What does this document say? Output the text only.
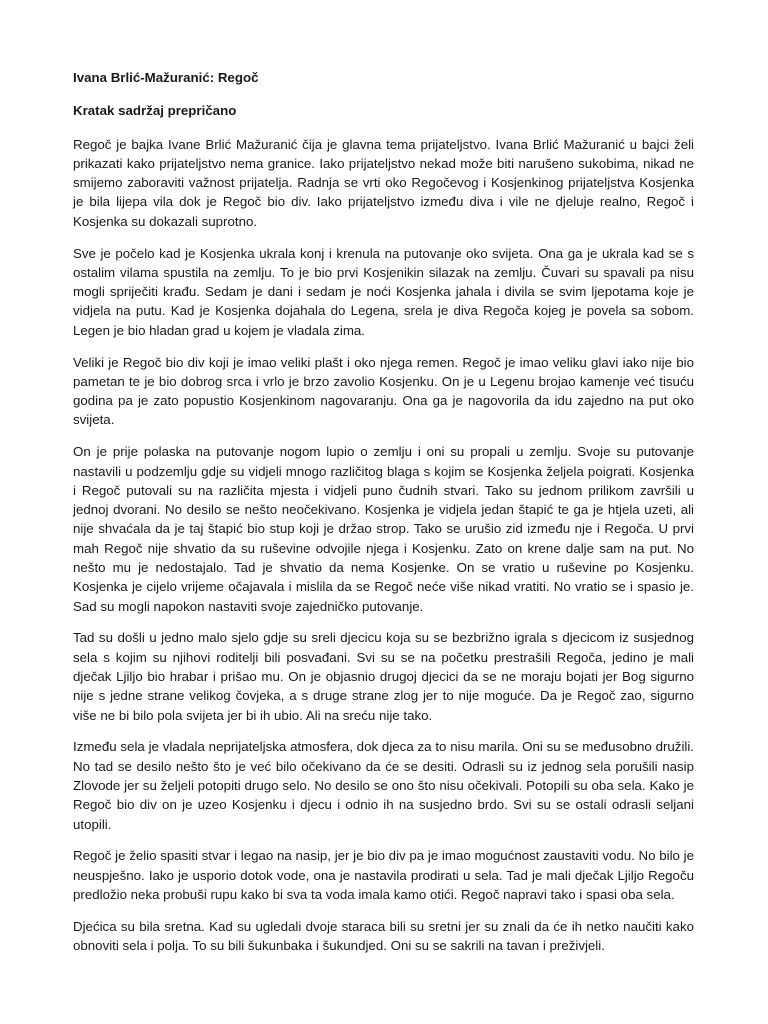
Ivana Brlić-Mažuranić: Regoč
Kratak sadržaj prepričano

Regoč je bajka Ivane Brlić Mažuranić čija je glavna tema prijateljstvo. Ivana Brlić Mažuranić u bajci želi prikazati kako prijateljstvo nema granice. Iako prijateljstvo nekad može biti narušeno sukobima, nikad ne smijemo zaboraviti važnost prijatelja. Radnja se vrti oko Regočevog i Kosjenkinog prijateljstva Kosjenka je bila lijepa vila dok je Regoč bio div. Iako prijateljstvo između diva i vile ne djeluje realno, Regoč i Kosjenka su dokazali suprotno.

Sve je počelo kad je Kosjenka ukrala konj i krenula na putovanje oko svijeta. Ona ga je ukrala kad se s ostalim vilama spustila na zemlju. To je bio prvi Kosjenikin silazak na zemlju. Čuvari su spavali pa nisu mogli spriječiti krađu. Sedam je dani i sedam je noći Kosjenka jahala i divila se svim ljepotama koje je vidjela na putu. Kad je Kosjenka dojahala do Legena, srela je diva Regoča kojeg je povela sa sobom. Legen je bio hladan grad u kojem je vladala zima.

Veliki je Regoč bio div koji je imao veliki plašt i oko njega remen. Regoč je imao veliku glavi iako nije bio pametan te je bio dobrog srca i vrlo je brzo zavolio Kosjenku. On je u Legenu brojao kamenje već tisuću godina pa je zato popustio Kosjenkinom nagovaranju. Ona ga je nagovorila da idu zajedno na put oko svijeta.

On je prije polaska na putovanje nogom lupio o zemlju i oni su propali u zemlju. Svoje su putovanje nastavili u podzemlju gdje su vidjeli mnogo različitog blaga s kojim se Kosjenka željela poigrati. Kosjenka i Regoč putovali su na različita mjesta i vidjeli puno čudnih stvari. Tako su jednom prilikom završili u jednoj dvorani. No desilo se nešto neočekivano. Kosjenka je vidjela jedan štapić te ga je htjela uzeti, ali nije shvaćala da je taj štapić bio stup koji je držao strop. Tako se urušio zid između nje i Regoča. U prvi mah Regoč nije shvatio da su ruševine odvojile njega i Kosjenku. Zato on krene dalje sam na put. No nešto mu je nedostajalo. Tad je shvatio da nema Kosjenke. On se vratio u ruševine po Kosjenku. Kosjenka je cijelo vrijeme očajavala i mislila da se Regoč neće više nikad vratiti. No vratio se i spasio je. Sad su mogli napokon nastaviti svoje zajedničko putovanje.

Tad su došli u jedno malo sjelo gdje su sreli djecicu koja su se bezbrižno igrala s djecicom iz susjednog sela s kojim su njihovi roditelji bili posvađani. Svi su se na početku prestrašili Regoča, jedino je mali dječak Ljiljo bio hrabar i prišao mu. On je objasnio drugoj djecici da se ne moraju bojati jer Bog sigurno nije s jedne strane velikog čovjeka, a s druge strane zlog jer to nije moguće. Da je Regoč zao, sigurno više ne bi bilo pola svijeta jer bi ih ubio. Ali na sreću nije tako.

Između sela je vladala neprijateljska atmosfera, dok djeca za to nisu marila. Oni su se međusobno družili. No tad se desilo nešto što je već bilo očekivano da će se desiti. Odrasli su iz jednog sela porušili nasip Zlovode jer su željeli potopiti drugo selo. No desilo se ono što nisu očekivali. Potopili su oba sela. Kako je Regoč bio div on je uzeo Kosjenku i djecu i odnio ih na susjedno brdo. Svi su se ostali odrasli seljani utopili.

Regoč je želio spasiti stvar i legao na nasip, jer je bio div pa je imao mogućnost zaustaviti vodu. No bilo je neuspješno. Iako je usporio dotok vode, ona je nastavila prodirati u sela. Tad je mali dječak Ljiljo Regoču predložio neka probuši rupu kako bi sva ta voda imala kamo otići. Regoč napravi tako i spasi oba sela.

Djećica su bila sretna. Kad su ugledali dvoje staraca bili su sretni jer su znali da će ih netko naučiti kako obnoviti sela i polja. To su bili šukunbaka i šukundjed. Oni su se sakrili na tavan i preživjeli.
